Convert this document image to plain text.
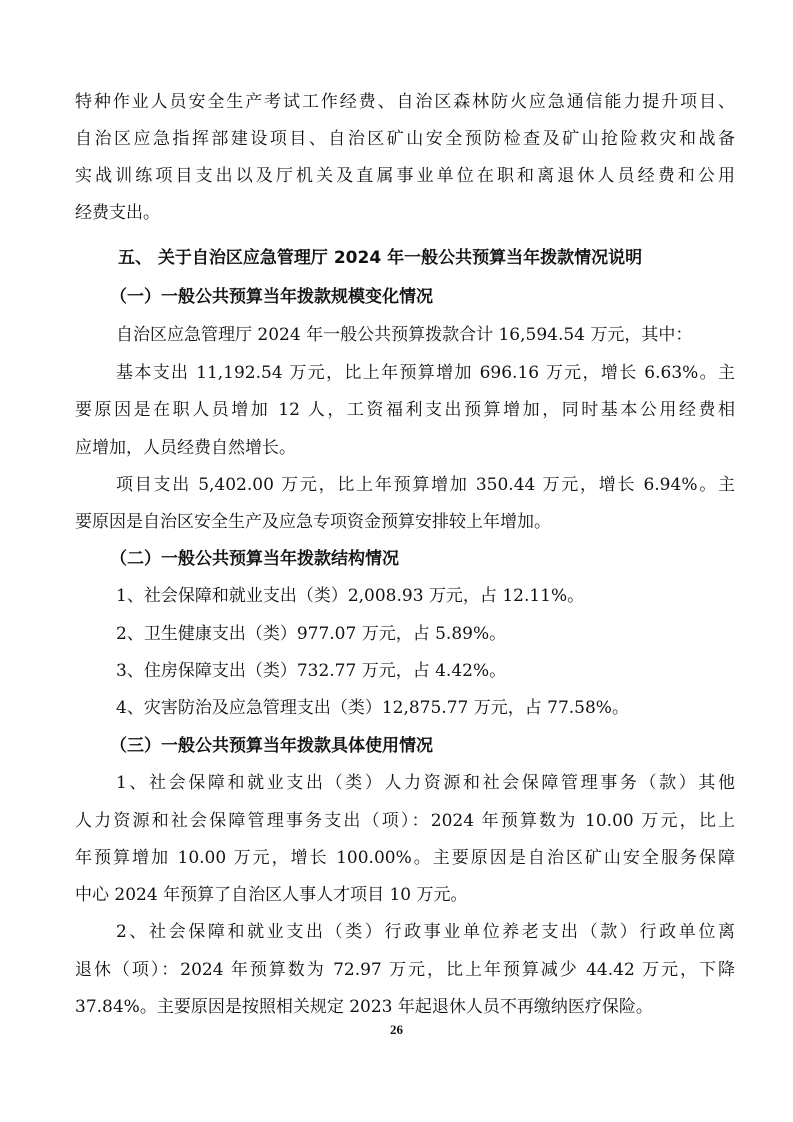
特种作业人员安全生产考试工作经费、自治区森林防火应急通信能力提升项目、
自治区应急指挥部建设项目、自治区矿山安全预防检查及矿山抢险救灾和战备
实战训练项目支出以及厅机关及直属事业单位在职和离退休人员经费和公用
经费支出。
五、 关于自治区应急管理厅 2024 年一般公共预算当年拨款情况说明
（一）一般公共预算当年拨款规模变化情况
自治区应急管理厅 2024 年一般公共预算拨款合计 16,594.54 万元，其中：
基本支出 11,192.54 万元，比上年预算增加 696.16 万元，增长 6.63%。主
要原因是在职人员增加 12 人，工资福利支出预算增加，同时基本公用经费相
应增加，人员经费自然增长。
项目支出 5,402.00 万元，比上年预算增加 350.44 万元，增长 6.94%。主
要原因是自治区安全生产及应急专项资金预算安排较上年增加。
（二）一般公共预算当年拨款结构情况
1、社会保障和就业支出（类）2,008.93 万元，占 12.11%。
2、卫生健康支出（类）977.07 万元，占 5.89%。
3、住房保障支出（类）732.77 万元，占 4.42%。
4、灾害防治及应急管理支出（类）12,875.77 万元，占 77.58%。
（三）一般公共预算当年拨款具体使用情况
1、社会保障和就业支出（类）人力资源和社会保障管理事务（款）其他
人力资源和社会保障管理事务支出（项）：2024 年预算数为 10.00 万元，比上
年预算增加 10.00 万元，增长 100.00%。主要原因是自治区矿山安全服务保障
中心 2024 年预算了自治区人事人才项目 10 万元。
2、社会保障和就业支出（类）行政事业单位养老支出（款）行政单位离
退休（项）：2024 年预算数为 72.97 万元，比上年预算减少 44.42 万元，下降
37.84%。主要原因是按照相关规定 2023 年起退休人员不再缴纳医疗保险。
26
